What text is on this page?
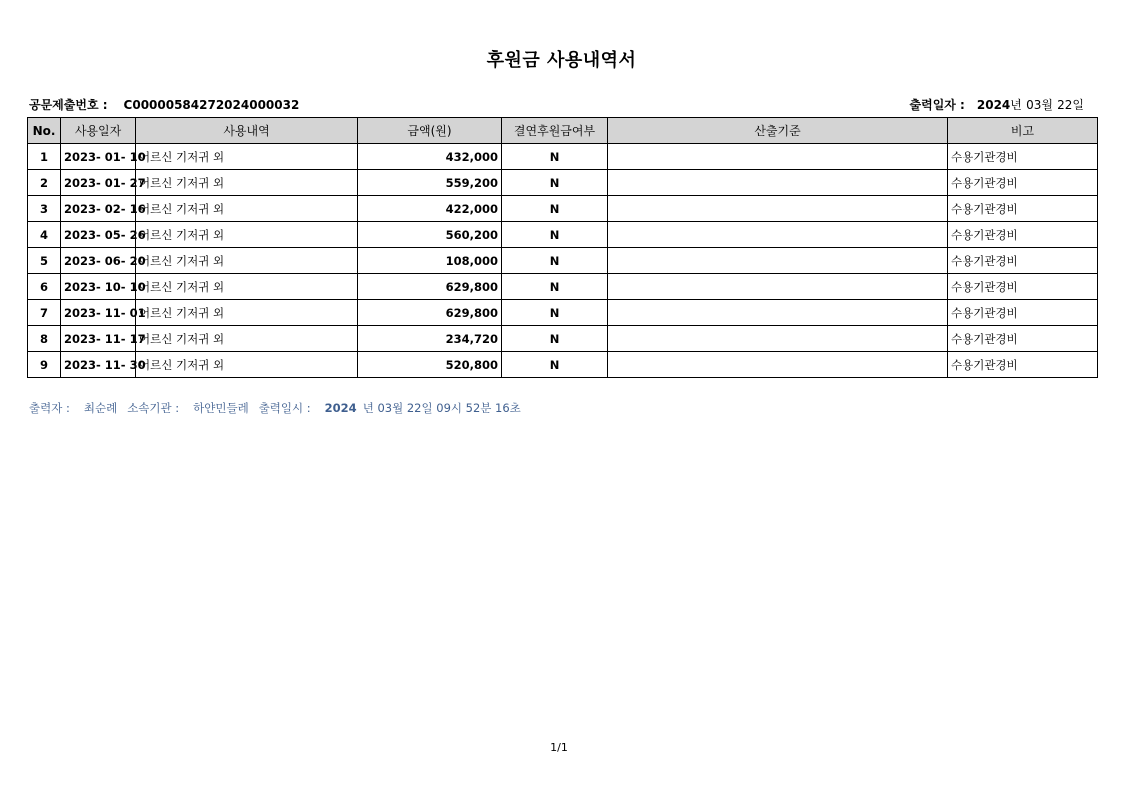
후원금 사용내역서
공문제출번호 : C00000584272024000032	출력일자 : 2024년 03월 22일
No.	사용일자	사용내역	금액(원)	결연후원금여부	산출기준	비고
1	2023- 01- 10	어르신 기저귀 외	432,000	N		수용기관경비
2	2023- 01- 27	어르신 기저귀 외	559,200	N		수용기관경비
3	2023- 02- 16	어르신 기저귀 외	422,000	N		수용기관경비
4	2023- 05- 26	어르신 기저귀 외	560,200	N		수용기관경비
5	2023- 06- 20	어르신 기저귀 외	108,000	N		수용기관경비
6	2023- 10- 10	어르신 기저귀 외	629,800	N		수용기관경비
7	2023- 11- 01	어르신 기저귀 외	629,800	N		수용기관경비
8	2023- 11- 17	어르신 기저귀 외	234,720	N		수용기관경비
9	2023- 11- 30	어르신 기저귀 외	520,800	N		수용기관경비
출력자 : 최순례 소속기관 : 하얀민들레 출력일시 : 2024 년 03월 22일 09시 52분 16초
1/1
